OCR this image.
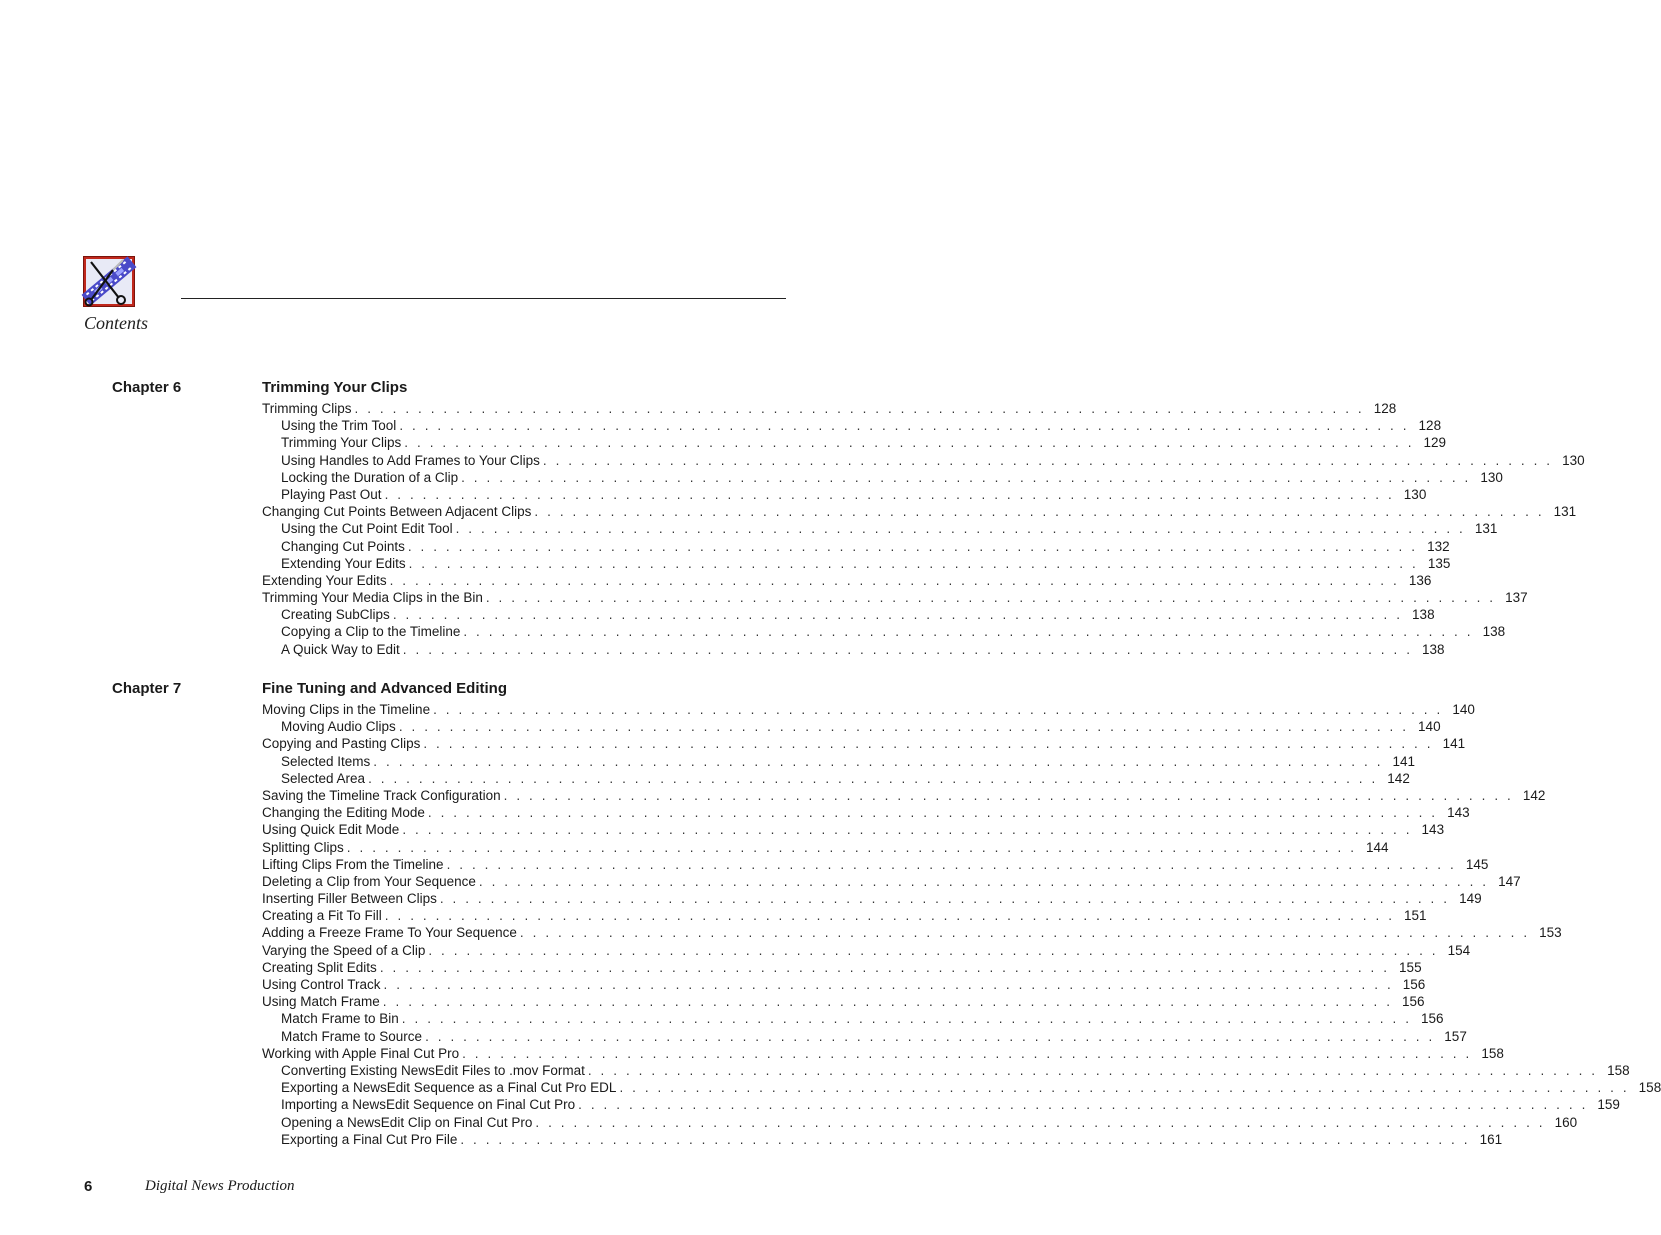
Contents
Chapter 6	Trimming Your Clips
Trimming Clips . . . . . . . . . . . . . . . . . . . . . . . . . . . . . . . . . . . . . . . . . . . . . . . . . . . . . . . . . . . . . . . . . . . . . . . . . . . . . . . . 128
Using the Trim Tool . . . . . . . . . . . . . . . . . . . . . . . . . . . . . . . . . . . . . . . . . . . . . . . . . . . . . . . . . . . . . . . . . . . . . . . . . . . . . . . . 128
Trimming Your Clips . . . . . . . . . . . . . . . . . . . . . . . . . . . . . . . . . . . . . . . . . . . . . . . . . . . . . . . . . . . . . . . . . . . . . . . . . . . . . . . . 129
Using Handles to Add Frames to Your Clips . . . . . . . . . . . . . . . . . . . . . . . . . . . . . . . . . . . . . . . . . . . . . . . . . . . . . . . . . . . . . . . . . . . . . . . . . . . . . . . . 130
Locking the Duration of a Clip . . . . . . . . . . . . . . . . . . . . . . . . . . . . . . . . . . . . . . . . . . . . . . . . . . . . . . . . . . . . . . . . . . . . . . . . . . . . . . . . 130
Playing Past Out . . . . . . . . . . . . . . . . . . . . . . . . . . . . . . . . . . . . . . . . . . . . . . . . . . . . . . . . . . . . . . . . . . . . . . . . . . . . . . . . 130
Changing Cut Points Between Adjacent Clips . . . . . . . . . . . . . . . . . . . . . . . . . . . . . . . . . . . . . . . . . . . . . . . . . . . . . . . . . . . . . . . . . . . . . . . . . . . . . . . . 131
Using the Cut Point Edit Tool . . . . . . . . . . . . . . . . . . . . . . . . . . . . . . . . . . . . . . . . . . . . . . . . . . . . . . . . . . . . . . . . . . . . . . . . . . . . . . . . 131
Changing Cut Points . . . . . . . . . . . . . . . . . . . . . . . . . . . . . . . . . . . . . . . . . . . . . . . . . . . . . . . . . . . . . . . . . . . . . . . . . . . . . . . . 132
Extending Your Edits . . . . . . . . . . . . . . . . . . . . . . . . . . . . . . . . . . . . . . . . . . . . . . . . . . . . . . . . . . . . . . . . . . . . . . . . . . . . . . . . 135
Extending Your Edits . . . . . . . . . . . . . . . . . . . . . . . . . . . . . . . . . . . . . . . . . . . . . . . . . . . . . . . . . . . . . . . . . . . . . . . . . . . . . . . . 136
Trimming Your Media Clips in the Bin . . . . . . . . . . . . . . . . . . . . . . . . . . . . . . . . . . . . . . . . . . . . . . . . . . . . . . . . . . . . . . . . . . . . . . . . . . . . . . . . 137
Creating SubClips . . . . . . . . . . . . . . . . . . . . . . . . . . . . . . . . . . . . . . . . . . . . . . . . . . . . . . . . . . . . . . . . . . . . . . . . . . . . . . . . 138
Copying a Clip to the Timeline . . . . . . . . . . . . . . . . . . . . . . . . . . . . . . . . . . . . . . . . . . . . . . . . . . . . . . . . . . . . . . . . . . . . . . . . . . . . . . . . 138
A Quick Way to Edit . . . . . . . . . . . . . . . . . . . . . . . . . . . . . . . . . . . . . . . . . . . . . . . . . . . . . . . . . . . . . . . . . . . . . . . . . . . . . . . . 138
Chapter 7	Fine Tuning and Advanced Editing
Moving Clips in the Timeline . . . . . . . . . . . . . . . . . . . . . . . . . . . . . . . . . . . . . . . . . . . . . . . . . . . . . . . . . . . . . . . . . . . . . . . . . . . . . . . . 140
Moving Audio Clips . . . . . . . . . . . . . . . . . . . . . . . . . . . . . . . . . . . . . . . . . . . . . . . . . . . . . . . . . . . . . . . . . . . . . . . . . . . . . . . . 140
Copying and Pasting Clips . . . . . . . . . . . . . . . . . . . . . . . . . . . . . . . . . . . . . . . . . . . . . . . . . . . . . . . . . . . . . . . . . . . . . . . . . . . . . . . . 141
Selected Items . . . . . . . . . . . . . . . . . . . . . . . . . . . . . . . . . . . . . . . . . . . . . . . . . . . . . . . . . . . . . . . . . . . . . . . . . . . . . . . . 141
Selected Area . . . . . . . . . . . . . . . . . . . . . . . . . . . . . . . . . . . . . . . . . . . . . . . . . . . . . . . . . . . . . . . . . . . . . . . . . . . . . . . . 142
Saving the Timeline Track Configuration . . . . . . . . . . . . . . . . . . . . . . . . . . . . . . . . . . . . . . . . . . . . . . . . . . . . . . . . . . . . . . . . . . . . . . . . . . . . . . . . 142
Changing the Editing Mode . . . . . . . . . . . . . . . . . . . . . . . . . . . . . . . . . . . . . . . . . . . . . . . . . . . . . . . . . . . . . . . . . . . . . . . . . . . . . . . . 143
Using Quick Edit Mode . . . . . . . . . . . . . . . . . . . . . . . . . . . . . . . . . . . . . . . . . . . . . . . . . . . . . . . . . . . . . . . . . . . . . . . . . . . . . . . . 143
Splitting Clips . . . . . . . . . . . . . . . . . . . . . . . . . . . . . . . . . . . . . . . . . . . . . . . . . . . . . . . . . . . . . . . . . . . . . . . . . . . . . . . . 144
Lifting Clips From the Timeline . . . . . . . . . . . . . . . . . . . . . . . . . . . . . . . . . . . . . . . . . . . . . . . . . . . . . . . . . . . . . . . . . . . . . . . . . . . . . . . . 145
Deleting a Clip from Your Sequence . . . . . . . . . . . . . . . . . . . . . . . . . . . . . . . . . . . . . . . . . . . . . . . . . . . . . . . . . . . . . . . . . . . . . . . . . . . . . . . . 147
Inserting Filler Between Clips . . . . . . . . . . . . . . . . . . . . . . . . . . . . . . . . . . . . . . . . . . . . . . . . . . . . . . . . . . . . . . . . . . . . . . . . . . . . . . . . 149
Creating a Fit To Fill . . . . . . . . . . . . . . . . . . . . . . . . . . . . . . . . . . . . . . . . . . . . . . . . . . . . . . . . . . . . . . . . . . . . . . . . . . . . . . . . 151
Adding a Freeze Frame To Your Sequence . . . . . . . . . . . . . . . . . . . . . . . . . . . . . . . . . . . . . . . . . . . . . . . . . . . . . . . . . . . . . . . . . . . . . . . . . . . . . . . . 153
Varying the Speed of a Clip . . . . . . . . . . . . . . . . . . . . . . . . . . . . . . . . . . . . . . . . . . . . . . . . . . . . . . . . . . . . . . . . . . . . . . . . . . . . . . . . 154
Creating Split Edits . . . . . . . . . . . . . . . . . . . . . . . . . . . . . . . . . . . . . . . . . . . . . . . . . . . . . . . . . . . . . . . . . . . . . . . . . . . . . . . . 155
Using Control Track . . . . . . . . . . . . . . . . . . . . . . . . . . . . . . . . . . . . . . . . . . . . . . . . . . . . . . . . . . . . . . . . . . . . . . . . . . . . . . . . 156
Using Match Frame . . . . . . . . . . . . . . . . . . . . . . . . . . . . . . . . . . . . . . . . . . . . . . . . . . . . . . . . . . . . . . . . . . . . . . . . . . . . . . . . 156
Match Frame to Bin . . . . . . . . . . . . . . . . . . . . . . . . . . . . . . . . . . . . . . . . . . . . . . . . . . . . . . . . . . . . . . . . . . . . . . . . . . . . . . . . 156
Match Frame to Source . . . . . . . . . . . . . . . . . . . . . . . . . . . . . . . . . . . . . . . . . . . . . . . . . . . . . . . . . . . . . . . . . . . . . . . . . . . . . . . . 157
Working with Apple Final Cut Pro . . . . . . . . . . . . . . . . . . . . . . . . . . . . . . . . . . . . . . . . . . . . . . . . . . . . . . . . . . . . . . . . . . . . . . . . . . . . . . . . 158
Converting Existing NewsEdit Files to .mov Format . . . . . . . . . . . . . . . . . . . . . . . . . . . . . . . . . . . . . . . . . . . . . . . . . . . . . . . . . . . . . . . . . . . . . . . . . . . . . . . . 158
Exporting a NewsEdit Sequence as a Final Cut Pro EDL . . . . . . . . . . . . . . . . . . . . . . . . . . . . . . . . . . . . . . . . . . . . . . . . . . . . . . . . . . . . . . . . . . . . . . . . . . . . . . . . 158
Importing a NewsEdit Sequence on Final Cut Pro . . . . . . . . . . . . . . . . . . . . . . . . . . . . . . . . . . . . . . . . . . . . . . . . . . . . . . . . . . . . . . . . . . . . . . . . . . . . . . . . 159
Opening a NewsEdit Clip on Final Cut Pro . . . . . . . . . . . . . . . . . . . . . . . . . . . . . . . . . . . . . . . . . . . . . . . . . . . . . . . . . . . . . . . . . . . . . . . . . . . . . . . . 160
Exporting a Final Cut Pro File . . . . . . . . . . . . . . . . . . . . . . . . . . . . . . . . . . . . . . . . . . . . . . . . . . . . . . . . . . . . . . . . . . . . . . . . . . . . . . . . 161
6	Digital News Production
